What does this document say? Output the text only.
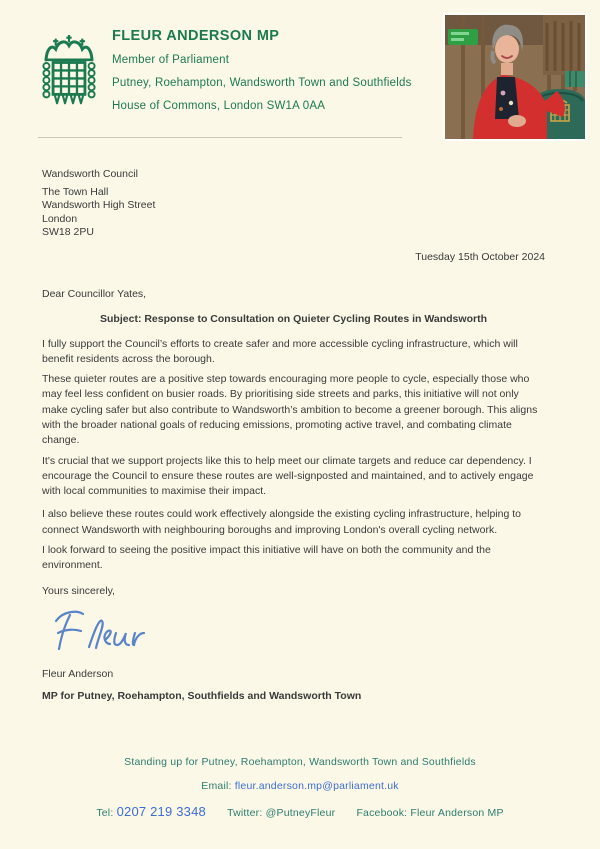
FLEUR ANDERSON MP
Member of Parliament
Putney, Roehampton, Wandsworth Town and Southfields
House of Commons, London SW1A 0AA
Wandsworth Council
The Town Hall
Wandsworth High Street
London
SW18 2PU
Tuesday 15th October 2024
Dear Councillor Yates,
Subject: Response to Consultation on Quieter Cycling Routes in Wandsworth

I fully support the Council’s efforts to create safer and more accessible cycling infrastructure, which will benefit residents across the borough.

These quieter routes are a positive step towards encouraging more people to cycle, especially those who may feel less confident on busier roads. By prioritising side streets and parks, this initiative will not only make cycling safer but also contribute to Wandsworth’s ambition to become a greener borough. This aligns with the broader national goals of reducing emissions, promoting active travel, and combating climate change.

It's crucial that we support projects like this to help meet our climate targets and reduce car dependency. I encourage the Council to ensure these routes are well-signposted and maintained, and to actively engage with local communities to maximise their impact.

I also believe these routes could work effectively alongside the existing cycling infrastructure, helping to connect Wandsworth with neighbouring boroughs and improving London's overall cycling network.

I look forward to seeing the positive impact this initiative will have on both the community and the environment.

Yours sincerely,
Fleur Anderson
MP for Putney, Roehampton, Southfields and Wandsworth Town
Standing up for Putney, Roehampton, Wandsworth Town and Southfields
Email: fleur.anderson.mp@parliament.uk
Tel: 0207 219 3348 Twitter: @PutneyFleur Facebook: Fleur Anderson MP
